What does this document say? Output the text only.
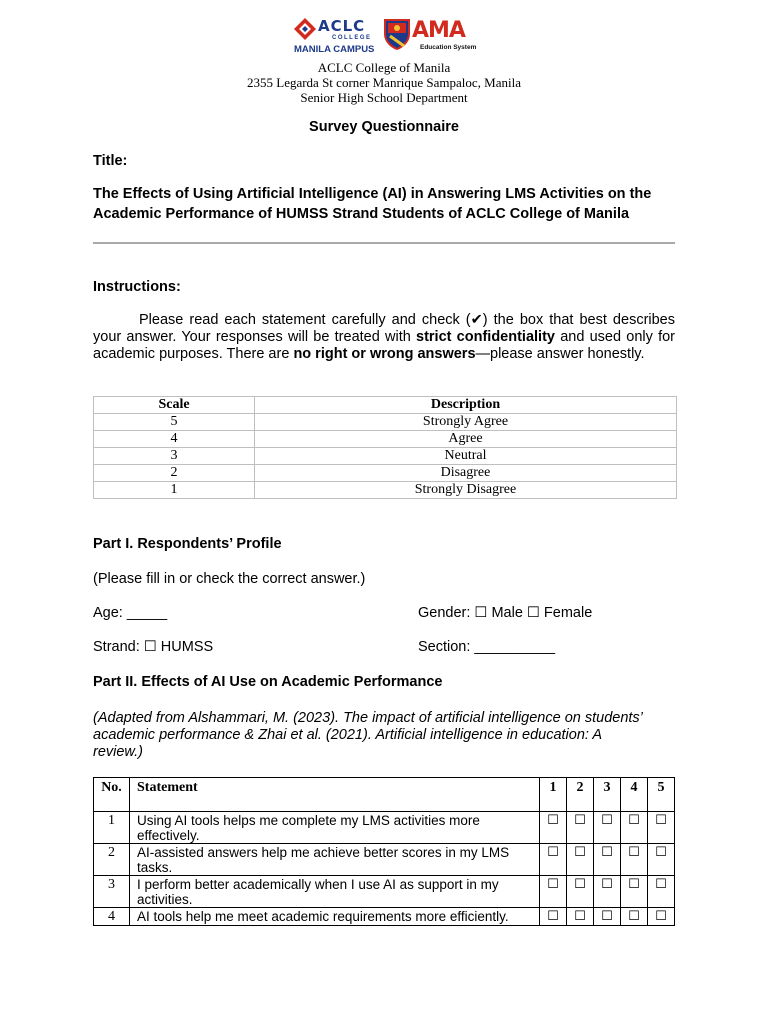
ACLC
COLLEGE
MANILA CAMPUS
AMA
Education System
ACLC College of Manila
2355 Legarda St corner Manrique Sampaloc, Manila
Senior High School Department
Survey Questionnaire
Title:
The Effects of Using Artificial Intelligence (AI) in Answering LMS Activities on the Academic Performance of HUMSS Strand Students of ACLC College of Manila
Instructions:
Please read each statement carefully and check (✔) the box that best describes your answer. Your responses will be treated with strict confidentiality and used only for academic purposes. There are no right or wrong answers—please answer honestly.
Scale	Description
5	Strongly Agree
4	Agree
3	Neutral
2	Disagree
1	Strongly Disagree
Part I. Respondents’ Profile
(Please fill in or check the correct answer.)
Age: _____	Gender: ☐ Male ☐ Female
Strand: ☐ HUMSS	Section: __________
Part II. Effects of AI Use on Academic Performance
(Adapted from Alshammari, M. (2023). The impact of artificial intelligence on students’ academic performance & Zhai et al. (2021). Artificial intelligence in education: A review.)
No.	Statement	1	2	3	4	5
1	Using AI tools helps me complete my LMS activities more effectively.	☐	☐	☐	☐	☐
2	AI-assisted answers help me achieve better scores in my LMS tasks.	☐	☐	☐	☐	☐
3	I perform better academically when I use AI as support in my activities.	☐	☐	☐	☐	☐
4	AI tools help me meet academic requirements more efficiently.	☐	☐	☐	☐	☐
